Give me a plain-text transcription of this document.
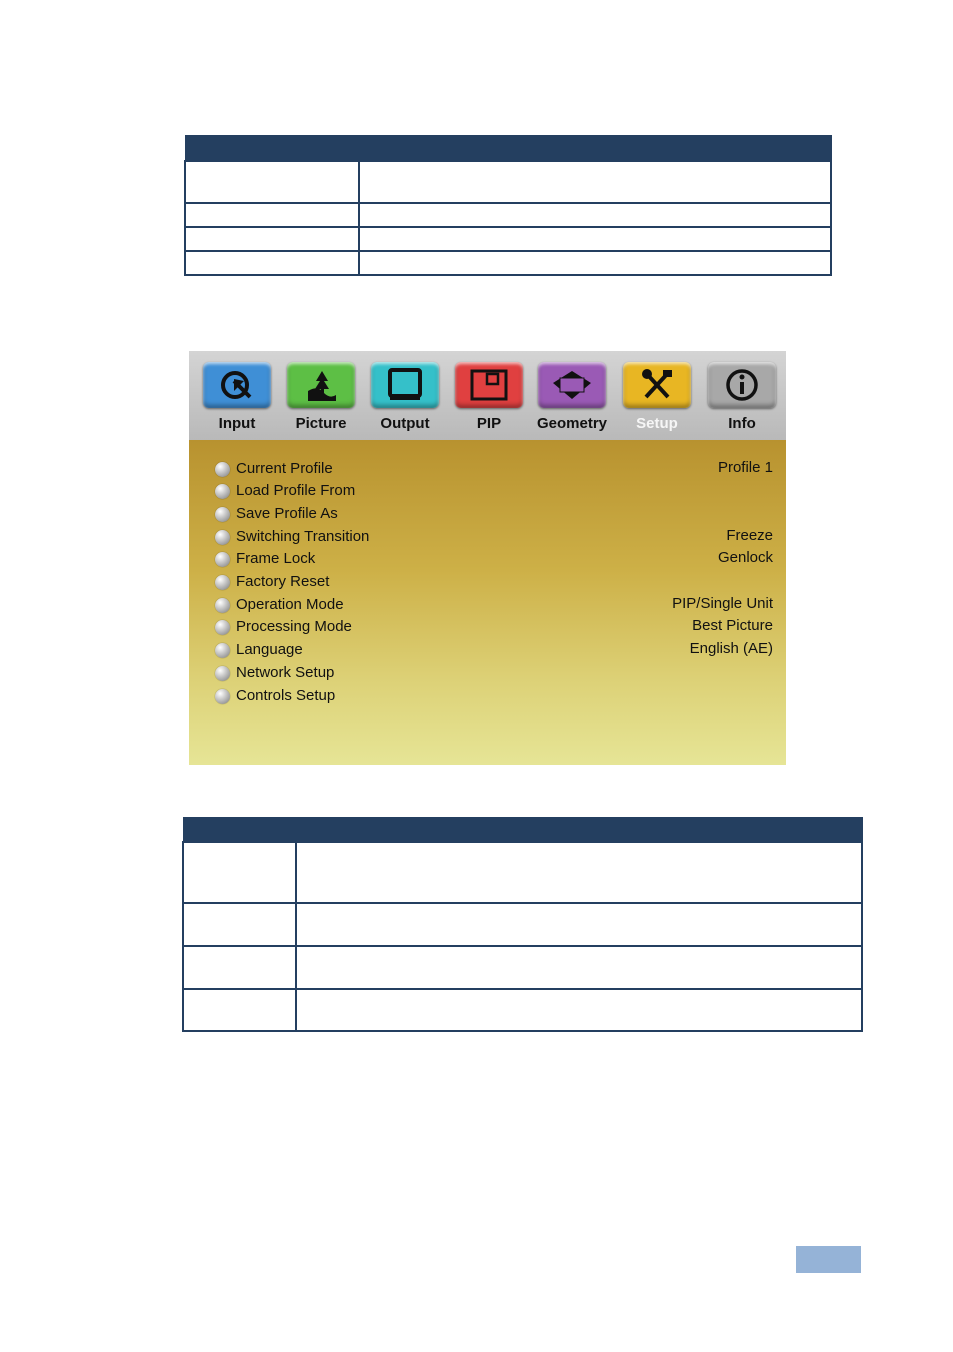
Input	Picture	Output	PIP	Geometry	Setup	Info
Current Profile	Profile 1
Load Profile From
Save Profile As
Switching Transition	Freeze
Frame Lock	Genlock
Factory Reset
Operation Mode	PIP/Single Unit
Processing Mode	Best Picture
Language	English (AE)
Network Setup
Controls Setup
